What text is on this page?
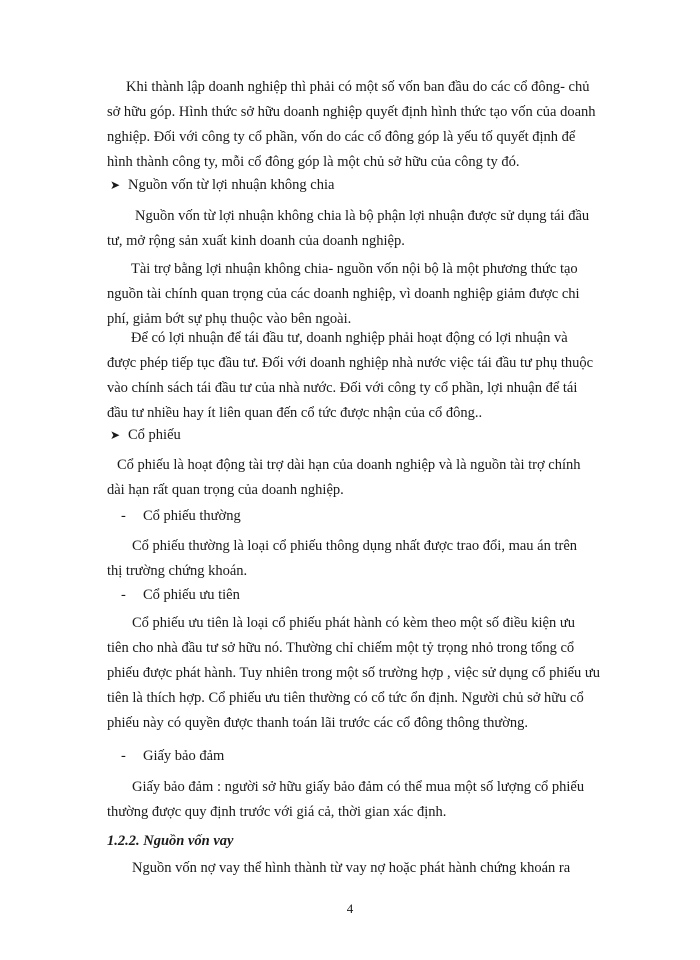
Khi thành lập doanh nghiệp thì phải có một số vốn ban đầu do các cổ đông- chủ
sở hữu góp. Hình thức sở hữu doanh nghiệp quyết định hình thức tạo vốn của doanh
nghiệp. Đối với công ty cổ phần, vốn do các cổ đông góp là yếu tố quyết định để
hình thành công ty, mỗi cổ đông góp là một chủ sở hữu của công ty đó.
➤ Nguồn vốn từ lợi nhuận không chia
Nguồn vốn từ lợi nhuận không chia là bộ phận lợi nhuận được sử dụng tái đầu
tư, mở rộng sản xuất kinh doanh của doanh nghiệp.
Tài trợ bằng lợi nhuận không chia- nguồn vốn nội bộ là một phương thức tạo
nguồn tài chính quan trọng của các doanh nghiệp, vì doanh nghiệp giảm được chi
phí, giảm bớt sự phụ thuộc vào bên ngoài.
Để có lợi nhuận để tái đầu tư, doanh nghiệp phải hoạt động có lợi nhuận và
được phép tiếp tục đầu tư. Đối với doanh nghiệp nhà nước việc tái đầu tư phụ thuộc
vào chính sách tái đầu tư của nhà nước. Đối với công ty cổ phần, lợi nhuận để tái
đầu tư nhiều hay ít liên quan đến cổ tức được nhận của cổ đông..
➤ Cổ phiếu
Cổ phiếu là hoạt động tài trợ dài hạn của doanh nghiệp và là nguồn tài trợ chính
dài hạn rất quan trọng của doanh nghiệp.
- Cổ phiếu thường
Cổ phiếu thường là loại cổ phiếu thông dụng nhất được trao đổi, mau án trên
thị trường chứng khoán.
- Cổ phiếu ưu tiên
Cổ phiếu ưu tiên là loại cổ phiếu phát hành có kèm theo một số điều kiện ưu
tiên cho nhà đầu tư sở hữu nó. Thường chỉ chiếm một tỷ trọng nhỏ trong tổng cổ
phiếu được phát hành. Tuy nhiên trong một số trường hợp , việc sử dụng cổ phiếu ưu
tiên là thích hợp. Cổ phiếu ưu tiên thường có cổ tức ổn định. Người chủ sở hữu cổ
phiếu này có quyền được thanh toán lãi trước các cổ đông thông thường.
- Giấy bảo đảm
Giấy bảo đảm : người sở hữu giấy bảo đảm có thể mua một số lượng cổ phiếu
thường được quy định trước với giá cả, thời gian xác định.
1.2.2. Nguồn vốn vay
Nguồn vốn nợ vay thể hình thành từ vay nợ hoặc phát hành chứng khoán ra
4
